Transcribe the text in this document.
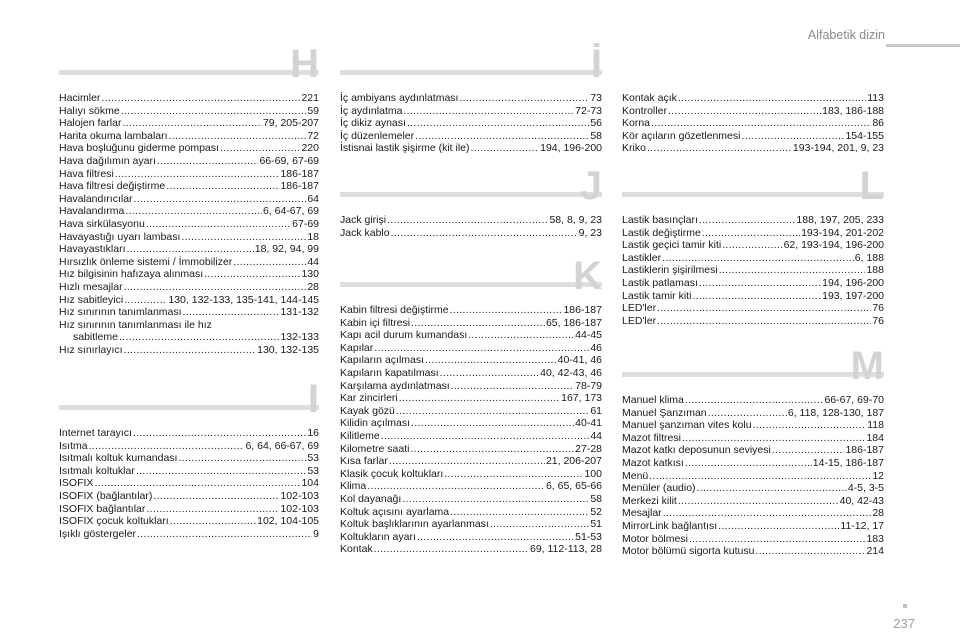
Alfabetik dizin
H
Hacimler .....	221
Halıyı sökme .....	59
Halojen farlar .....	79, 205-207
Harita okuma lambaları .....	72
Hava boşluğunu giderme pompası .....	220
Hava dağılımın ayarı .....	66-69, 67-69
Hava filtresi .....	186-187
Hava filtresi değiştirme .....	186-187
Havalandırıcılar .....	64
Havalandırma .....	6, 64-67, 69
Hava sirkülasyonu .....	67-69
Havayastığı uyarı lambası .....	18
Havayastıkları .....	18, 92, 94, 99
Hırsızlık önleme sistemi / İmmobilizer .....	44
Hız bilgisinin hafızaya alınması .....	130
Hızlı mesajlar .....	28
Hız sabitleyici .....	130, 132-133, 135-141, 144-145
Hız sınırının tanımlanması .....	131-132
Hız sınırının tanımlanması ile hız
sabitleme .....	132-133
Hız sınırlayıcı .....	130, 132-135
I
Internet tarayıcı .....	16
Isıtma .....	6, 64, 66-67, 69
Isıtmalı koltuk kumandası .....	53
Isıtmalı koltuklar .....	53
ISOFIX .....	104
ISOFIX (bağlantılar) .....	102-103
ISOFIX bağlantılar .....	102-103
ISOFIX çocuk koltukları .....	102, 104-105
Işıklı göstergeler .....	9
İ
İç ambiyans aydınlatması .....	73
İç aydınlatma .....	72-73
İç dikiz aynası .....	56
İç düzenlemeler .....	58
İstisnai lastik şişirme (kit ile) .....	194, 196-200
J
Jack girişi .....	58, 8, 9, 23
Jack kablo .....	9, 23
K
Kabin filtresi değiştirme .....	186-187
Kabin içi filtresi .....	65, 186-187
Kapı acil durum kumandası .....	44-45
Kapılar .....	46
Kapıların açılması .....	40-41, 46
Kapıların kapatılması .....	40, 42-43, 46
Karşılama aydınlatması .....	78-79
Kar zincirleri .....	167, 173
Kayak gözü .....	61
Kilidin açılması .....	40-41
Kilitleme .....	44
Kilometre saati .....	27-28
Kısa farlar .....	21, 206-207
Klasik çocuk koltukları .....	100
Klima .....	6, 65, 65-66
Kol dayanağı .....	58
Koltuk açısını ayarlama .....	52
Koltuk başlıklarının ayarlanması .....	51
Koltukların ayarı .....	51-53
Kontak .....	69, 112-113, 28
Kontak açık .....	113
Kontroller .....	183, 186-188
Korna .....	86
Kör açıların gözetlenmesi .....	154-155
Kriko .....	193-194, 201, 9, 23
L
Lastik basınçları .....	188, 197, 205, 233
Lastik değiştirme .....	193-194, 201-202
Lastik geçici tamir kiti .....	62, 193-194, 196-200
Lastikler .....	6, 188
Lastiklerin şişirilmesi .....	188
Lastik patlaması .....	194, 196-200
Lastik tamir kiti .....	193, 197-200
LED'ler .....	76
LED'ler .....	76
M
Manuel klima .....	66-67, 69-70
Manuel Şanzıman .....	6, 118, 128-130, 187
Manuel şanzıman vites kolu .....	118
Mazot filtresi .....	184
Mazot katkı deposunun seviyesi .....	186-187
Mazot katkısı .....	14-15, 186-187
Menü .....	12
Menüler (audio) .....	4-5, 3-5
Merkezi kilit .....	40, 42-43
Mesajlar .....	28
MirrorLink bağlantısı .....	11-12, 17
Motor bölmesi .....	183
Motor bölümü sigorta kutusu .....	214
237
